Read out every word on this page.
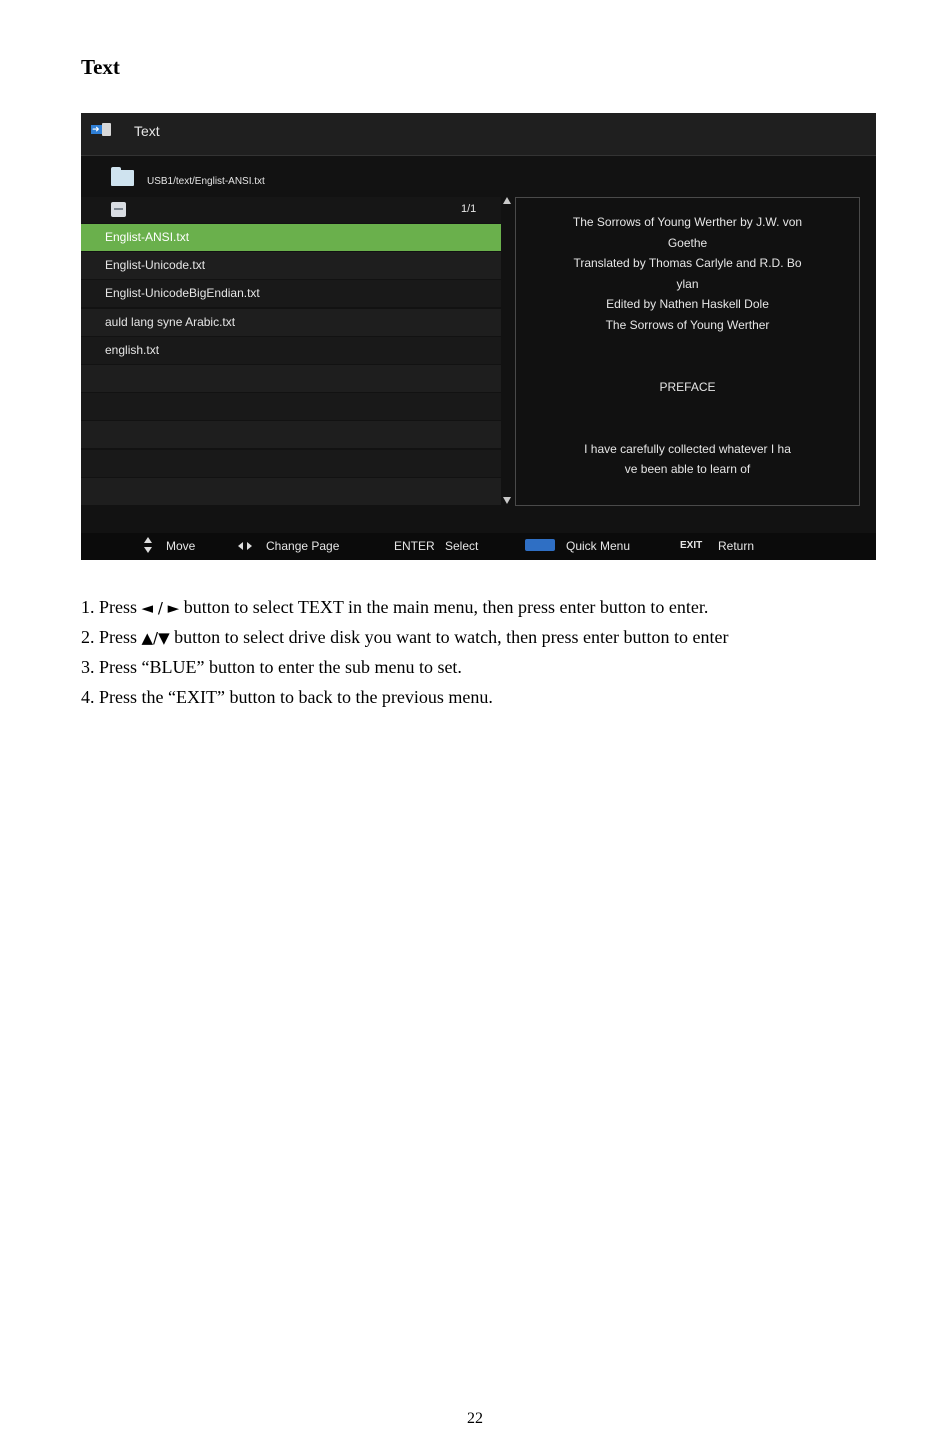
Text
➜ Text
USB1/text/Englist-ANSI.txt
1/1
Englist-ANSI.txt
Englist-Unicode.txt
Englist-UnicodeBigEndian.txt
auld lang syne Arabic.txt
english.txt
The Sorrows of Young Werther by J.W. von
Goethe
Translated by Thomas Carlyle and R.D. Bo
ylan
Edited by Nathen Haskell Dole
The Sorrows of Young Werther
PREFACE
I have carefully collected whatever I ha
ve been able to learn of
Move	Change Page	ENTER Select	Quick Menu	EXIT Return
1. Press ◄ / ► button to select TEXT in the main menu, then press enter button to enter.
2. Press ▲/▼ button to select drive disk you want to watch, then press enter button to enter
3. Press “BLUE” button to enter the sub menu to set.
4. Press the “EXIT” button to back to the previous menu.
22
